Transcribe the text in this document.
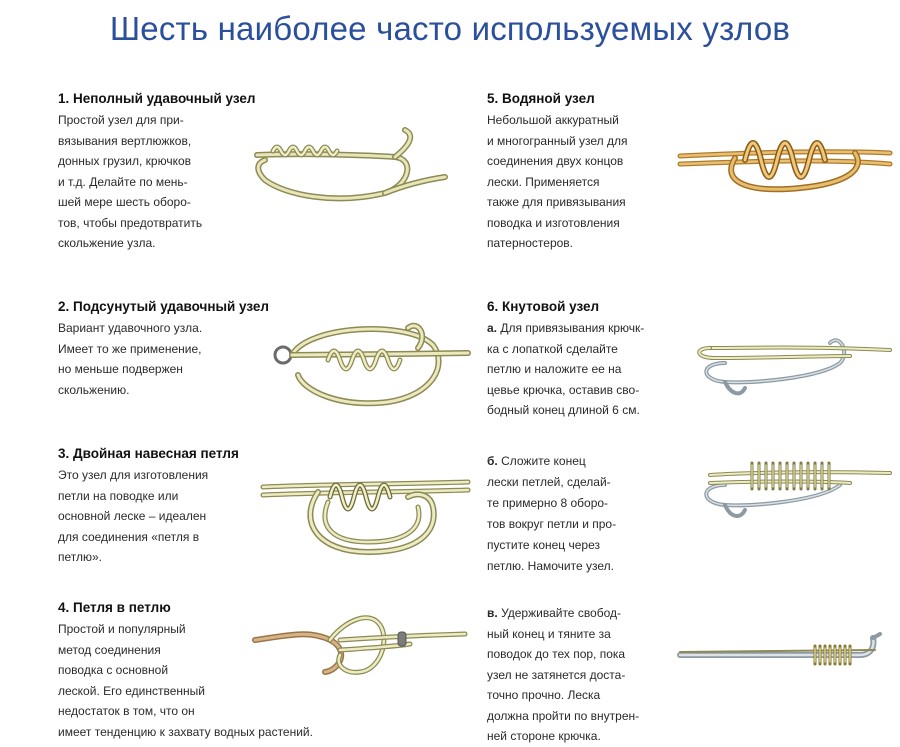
Шесть наиболее часто используемых узлов
1. Неполный удавочный узел

Простой узел для при-
вязывания вертлюжков,
донных грузил, крючков
и т.д. Делайте по мень-
шей мере шесть оборо-
тов, чтобы предотвратить
скольжение узла.

2. Подсунутый удавочный узел

Вариант удавочного узла.
Имеет то же применение,
но меньше подвержен
скольжению.

3. Двойная навесная петля

Это узел для изготовления
петли на поводке или
основной леске – идеален
для соединения «петля в
петлю».

4. Петля в петлю

Простой и популярный
метод соединения
поводка с основной
леской. Его единственный
недостаток в том, что он
имеет тенденцию к захвату водных растений.

5. Водяной узел

Небольшой аккуратный
и многогранный узел для
соединения двух концов
лески. Применяется
также для привязывания
поводка и изготовления
патерностеров.

6. Кнутовой узел

а. Для привязывания крючк-
ка с лопаткой сделайте
петлю и наложите ее на
цевье крючка, оставив сво-
бодный конец длиной 6 см.

б. Сложите конец
лески петлей, сделай-
те примерно 8 оборо-
тов вокруг петли и про-
пустите конец через
петлю. Намочите узел.

в. Удерживайте свобод-
ный конец и тяните за
поводок до тех пор, пока
узел не затянется доста-
точно прочно. Леска
должна пройти по внутрен-
ней стороне крючка.
